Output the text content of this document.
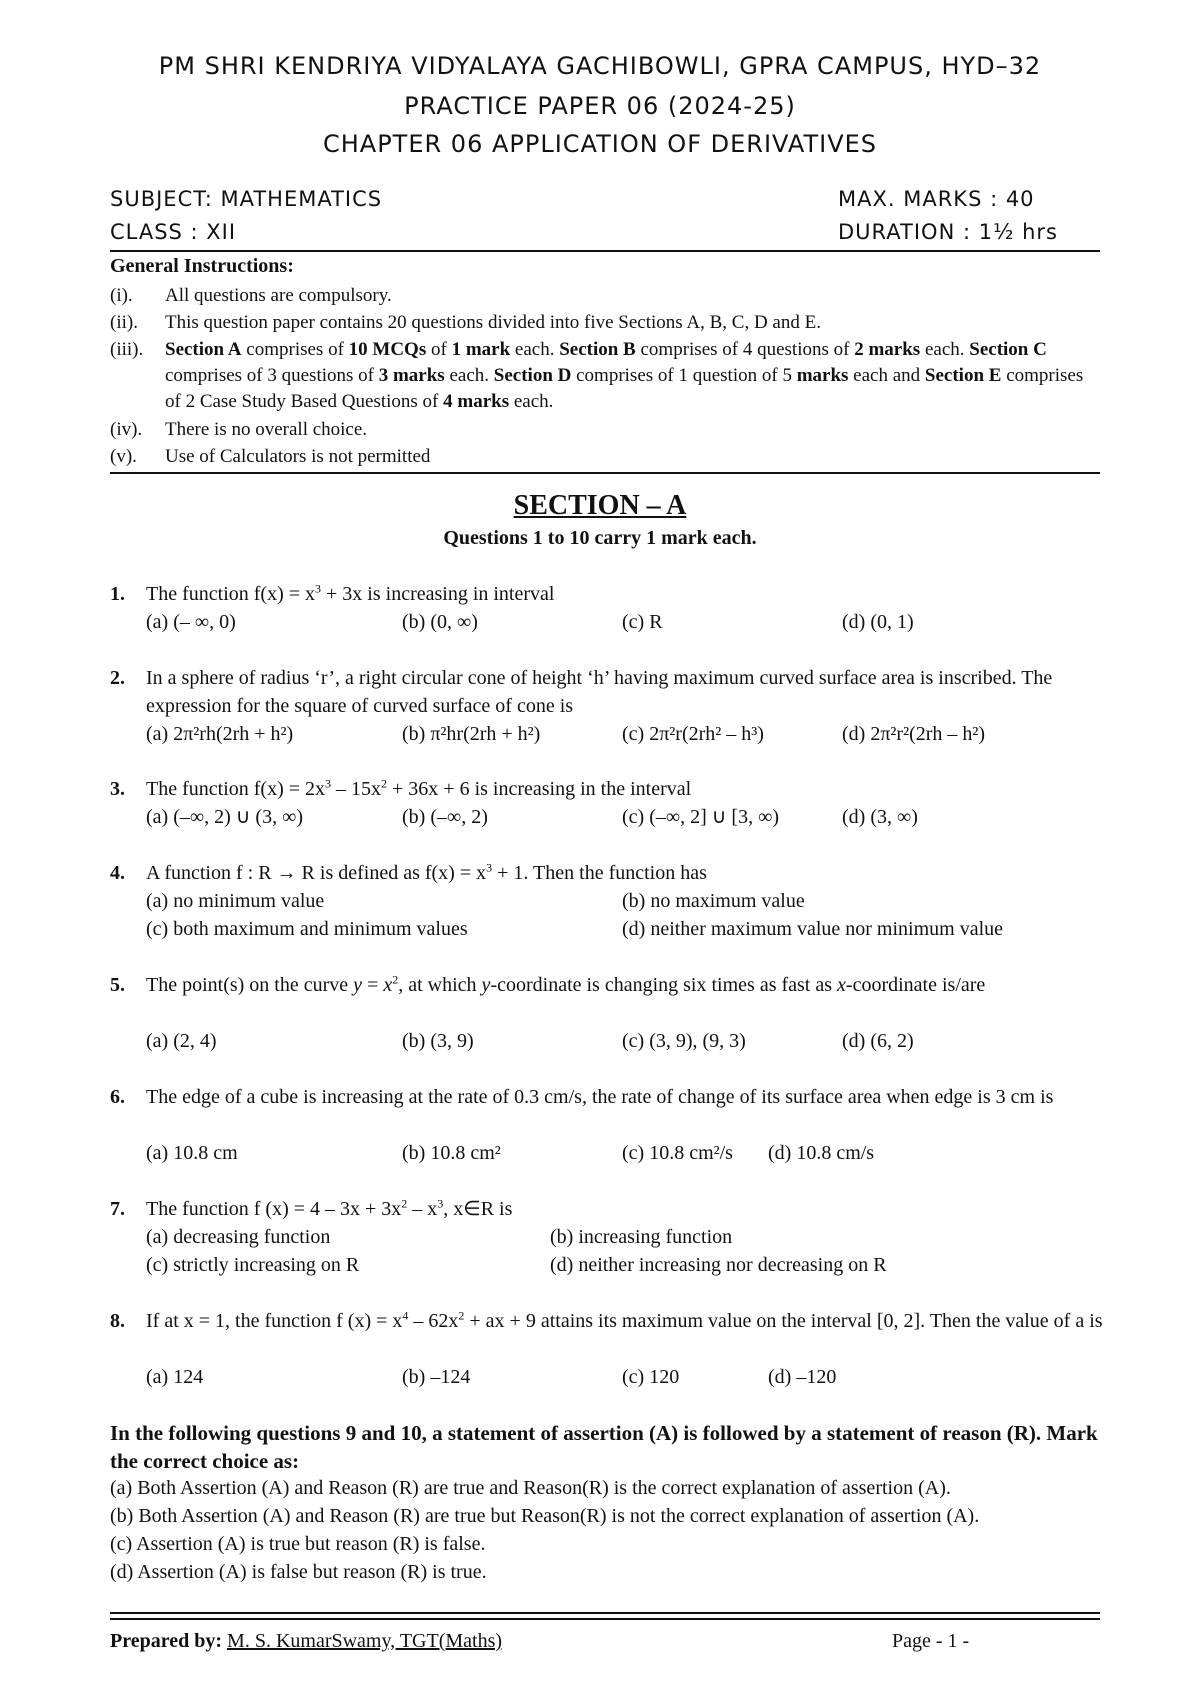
PM SHRI KENDRIYA VIDYALAYA GACHIBOWLI, GPRA CAMPUS, HYD–32
PRACTICE PAPER 06 (2024-25)
CHAPTER 06 APPLICATION OF DERIVATIVES
SUBJECT: MATHEMATICS	MAX. MARKS : 40
CLASS : XII	DURATION : 1½ hrs
General Instructions:
(i). All questions are compulsory.
(ii). This question paper contains 20 questions divided into five Sections A, B, C, D and E.
(iii). Section A comprises of 10 MCQs of 1 mark each. Section B comprises of 4 questions of 2 marks each. Section C comprises of 3 questions of 3 marks each. Section D comprises of 1 question of 5 marks each and Section E comprises of 2 Case Study Based Questions of 4 marks each.
(iv). There is no overall choice.
(v). Use of Calculators is not permitted
SECTION – A
Questions 1 to 10 carry 1 mark each.
1. The function $f(x) = x^3 + 3x$ is increasing in interval
(a) (– ∞, 0)	(b) (0, ∞)	(c) R	(d) (0, 1)
2. In a sphere of radius ‘r’, a right circular cone of height ‘h’ having maximum curved surface area is inscribed. The expression for the square of curved surface of cone is
(a) 2π²rh(2rh + h²)	(b) π²hr(2rh + h²)	(c) 2π²r(2rh² – h³)	(d) 2π²r²(2rh – h²)
3. The function $f(x) = 2x^3 - 15x^2 + 36x + 6$ is increasing in the interval
(a) (–∞, 2) ∪ (3, ∞)	(b) (–∞, 2)	(c) (–∞, 2] ∪ [3, ∞)	(d) (3, ∞)
4. A function f : R → R is defined as $f(x) = x^3 + 1$. Then the function has
(a) no minimum value	(b) no maximum value
(c) both maximum and minimum values	(d) neither maximum value nor minimum value
5. The point(s) on the curve $y = x^2$, at which y-coordinate is changing six times as fast as x-coordinate is/are
(a) (2, 4)	(b) (3, 9)	(c) (3, 9), (9, 3)	(d) (6, 2)
6. The edge of a cube is increasing at the rate of 0.3 cm/s, the rate of change of its surface area when edge is 3 cm is
(a) 10.8 cm	(b) 10.8 cm²	(c) 10.8 cm²/s (d) 10.8 cm/s
7. The function f $(x) = 4 - 3x + 3x^2 - x^3$, x∈R is
(a) decreasing function	(b) increasing function
(c) strictly increasing on R	(d) neither increasing nor decreasing on R
8. If at x = 1, the function f $(x) = x^4 - 62x^2$ + ax + 9 attains its maximum value on the interval [0, 2]. Then the value of a is
(a) 124	(b) –124	(c) 120	(d) –120
In the following questions 9 and 10, a statement of assertion (A) is followed by a statement of reason (R). Mark the correct choice as:
(a) Both Assertion (A) and Reason (R) are true and Reason(R) is the correct explanation of assertion (A).
(b) Both Assertion (A) and Reason (R) are true but Reason(R) is not the correct explanation of assertion (A).
(c) Assertion (A) is true but reason (R) is false.
(d) Assertion (A) is false but reason (R) is true.
Prepared by: M. S. KumarSwamy, TGT(Maths)	Page - 1 -
